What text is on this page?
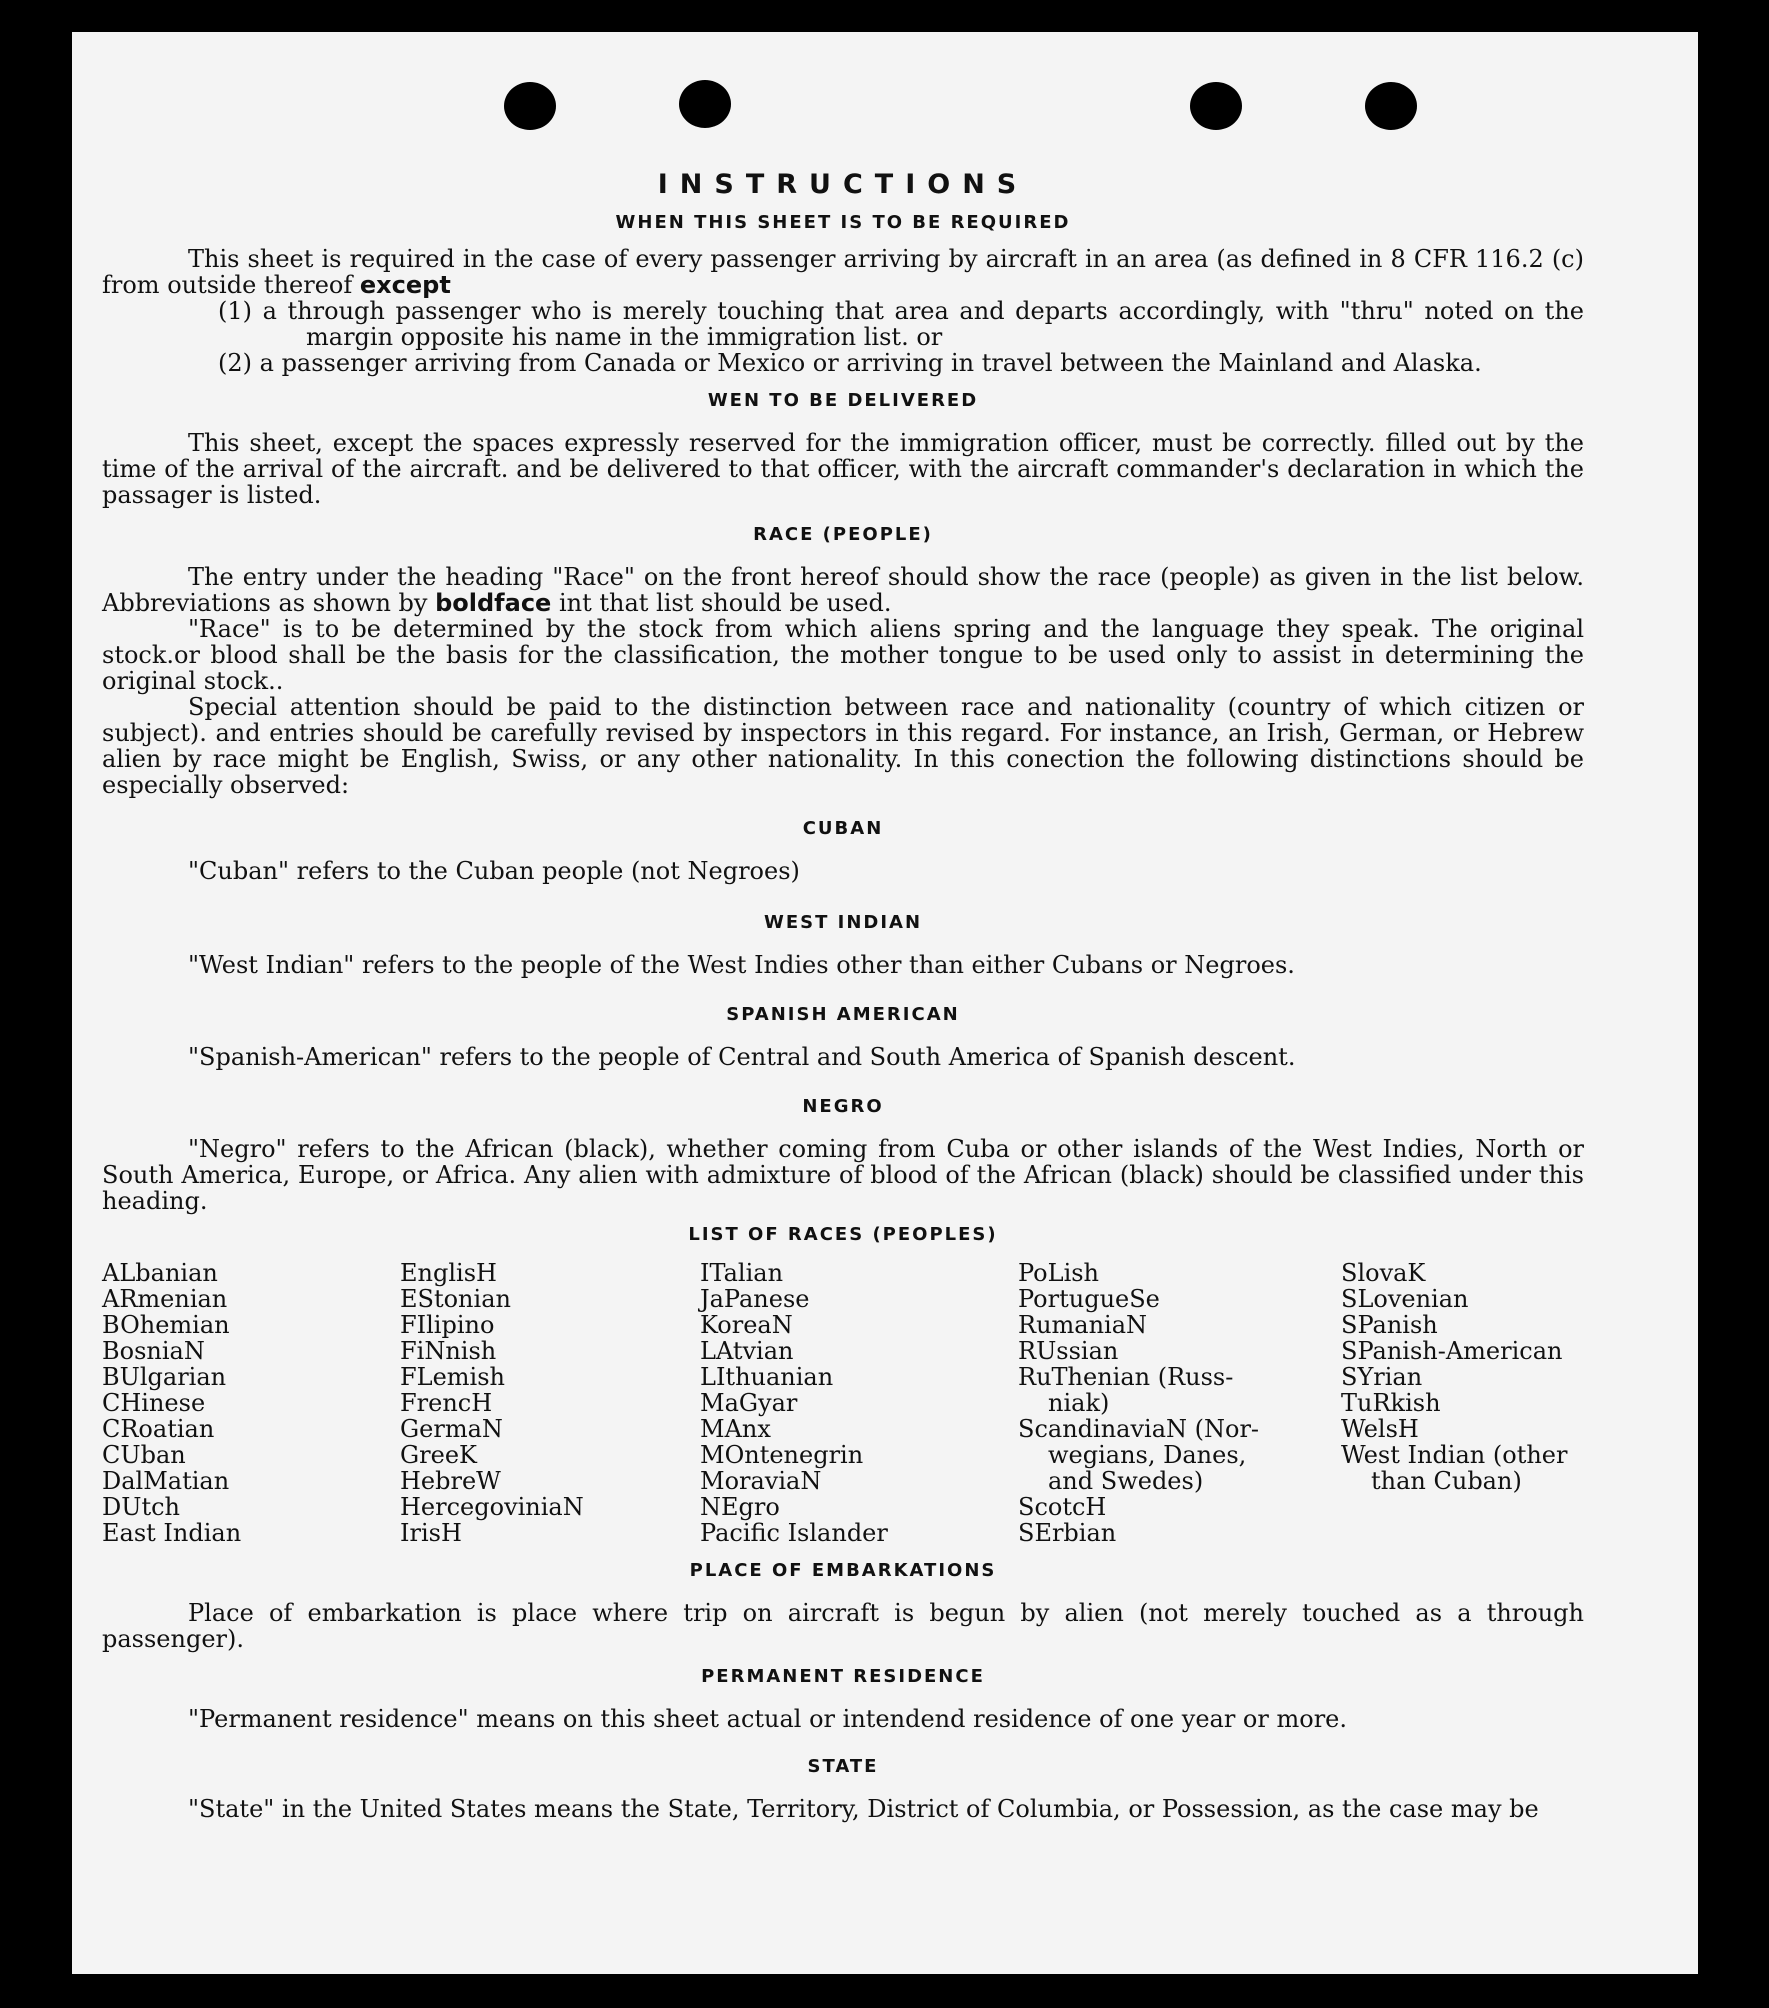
INSTRUCTIONS
WHEN THIS SHEET IS TO BE REQUIRED

This sheet is required in the case of every passenger arriving by aircraft in an area (as defined in 8 CFR 116.2 (c) from outside thereof except

(1) a through passenger who is merely touching that area and departs accordingly, with "thru" noted on the margin opposite his name in the immigration list. or

(2) a passenger arriving from Canada or Mexico or arriving in travel between the Mainland and Alaska.

WEN TO BE DELIVERED

This sheet, except the spaces expressly reserved for the immigration officer, must be correctly. filled out by the time of the arrival of the aircraft. and be delivered to that officer, with the aircraft commander's declaration in which the passager is listed.

RACE (PEOPLE)

The entry under the heading "Race" on the front hereof should show the race (people) as given in the list below. Abbreviations as shown by boldface int that list should be used.

"Race" is to be determined by the stock from which aliens spring and the language they speak. The original stock.or blood shall be the basis for the classification, the mother tongue to be used only to assist in determining the original stock..

Special attention should be paid to the distinction between race and nationality (country of which citizen or subject). and entries should be carefully revised by inspectors in this regard. For instance, an Irish, German, or Hebrew alien by race might be English, Swiss, or any other nationality. In this conection the following distinctions should be especially observed:

CUBAN

"Cuban" refers to the Cuban people (not Negroes)

WEST INDIAN

"West Indian" refers to the people of the West Indies other than either Cubans or Negroes.

SPANISH AMERICAN

"Spanish-American" refers to the people of Central and South America of Spanish descent.

NEGRO

"Negro" refers to the African (black), whether coming from Cuba or other islands of the West Indies, North or South America, Europe, or Africa. Any alien with admixture of blood of the African (black) should be classified under this heading.

LIST OF RACES (PEOPLES)
ALbanian
ARmenian
BOhemian
BosniaN
BUlgarian
CHinese
CRoatian
CUban
DalMatian
DUtch
East Indian
EnglisH
EStonian
FIlipino
FiNnish
FLemish
FrencH
GermaN
GreeK
HebreW
HercegoviniaN
IrisH
ITalian
JaPanese
KoreaN
LAtvian
LIthuanian
MaGyar
MAnx
MOntenegrin
MoraviaN
NEgro
Pacific Islander
PoLish
PortugueSe
RumaniaN
RUssian
RuThenian (Russ-
niak)
ScandinaviaN (Nor-
wegians, Danes,
and Swedes)
ScotcH
SErbian
SlovaK
SLovenian
SPanish
SPanish-American
SYrian
TuRkish
WelsH
West Indian (other
than Cuban)
PLACE OF EMBARKATIONS

Place of embarkation is place where trip on aircraft is begun by alien (not merely touched as a through passenger).

PERMANENT RESIDENCE

"Permanent residence" means on this sheet actual or intendend residence of one year or more.

STATE

"State" in the United States means the State, Territory, District of Columbia, or Possession, as the case may be
